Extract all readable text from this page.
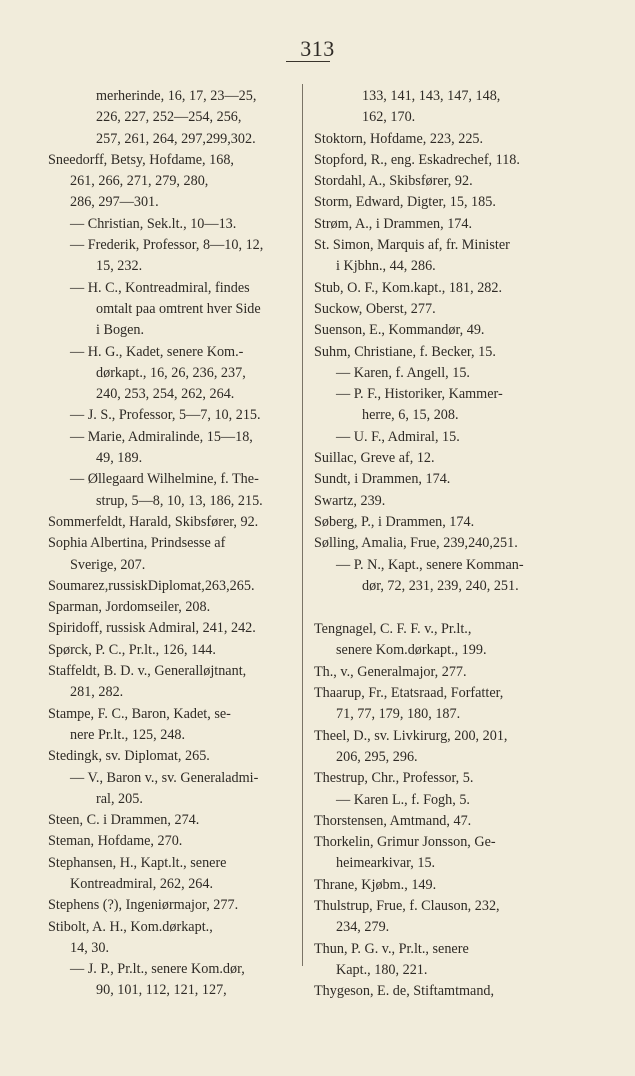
313
merherinde, 16, 17, 23—25,
226, 227, 252—254, 256,
257, 261, 264, 297,299,302.
Sneedorff, Betsy, Hofdame, 168,
261, 266, 271, 279, 280,
286, 297—301.
— Christian, Sek.lt., 10—13.
— Frederik, Professor, 8—10, 12,
15, 232.
— H. C., Kontreadmiral, findes
omtalt paa omtrent hver Side
i Bogen.
— H. G., Kadet, senere Kom.-
dørkapt., 16, 26, 236, 237,
240, 253, 254, 262, 264.
— J. S., Professor, 5—7, 10, 215.
— Marie, Admiralinde, 15—18,
49, 189.
— Øllegaard Wilhelmine, f. The-
strup, 5—8, 10, 13, 186, 215.
Sommerfeldt, Harald, Skibsfører, 92.
Sophia Albertina, Prindsesse af
Sverige, 207.
Soumarez,russiskDiplomat,263,265.
Sparman, Jordomseiler, 208.
Spiridoff, russisk Admiral, 241, 242.
Spørck, P. C., Pr.lt., 126, 144.
Staffeldt, B. D. v., Generalløjtnant,
281, 282.
Stampe, F. C., Baron, Kadet, se-
nere Pr.lt., 125, 248.
Stedingk, sv. Diplomat, 265.
— V., Baron v., sv. Generaladmi-
ral, 205.
Steen, C. i Drammen, 274.
Steman, Hofdame, 270.
Stephansen, H., Kapt.lt., senere
Kontreadmiral, 262, 264.
Stephens (?), Ingeniørmajor, 277.
Stibolt, A. H., Kom.dørkapt.,
14, 30.
— J. P., Pr.lt., senere Kom.dør,
90, 101, 112, 121, 127,
133, 141, 143, 147, 148,
162, 170.
Stoktorn, Hofdame, 223, 225.
Stopford, R., eng. Eskadrechef, 118.
Stordahl, A., Skibsfører, 92.
Storm, Edward, Digter, 15, 185.
Strøm, A., i Drammen, 174.
St. Simon, Marquis af, fr. Minister
i Kjbhn., 44, 286.
Stub, O. F., Kom.kapt., 181, 282.
Suckow, Oberst, 277.
Suenson, E., Kommandør, 49.
Suhm, Christiane, f. Becker, 15.
— Karen, f. Angell, 15.
— P. F., Historiker, Kammer-
herre, 6, 15, 208.
— U. F., Admiral, 15.
Suillac, Greve af, 12.
Sundt, i Drammen, 174.
Swartz, 239.
Søberg, P., i Drammen, 174.
Sølling, Amalia, Frue, 239,240,251.
— P. N., Kapt., senere Komman-
dør, 72, 231, 239, 240, 251.
Tengnagel, C. F. F. v., Pr.lt.,
senere Kom.dørkapt., 199.
Th., v., Generalmajor, 277.
Thaarup, Fr., Etatsraad, Forfatter,
71, 77, 179, 180, 187.
Theel, D., sv. Livkirurg, 200, 201,
206, 295, 296.
Thestrup, Chr., Professor, 5.
— Karen L., f. Fogh, 5.
Thorstensen, Amtmand, 47.
Thorkelin, Grimur Jonsson, Ge-
heimearkivar, 15.
Thrane, Kjøbm., 149.
Thulstrup, Frue, f. Clauson, 232,
234, 279.
Thun, P. G. v., Pr.lt., senere
Kapt., 180, 221.
Thygeson, E. de, Stiftamtmand,
